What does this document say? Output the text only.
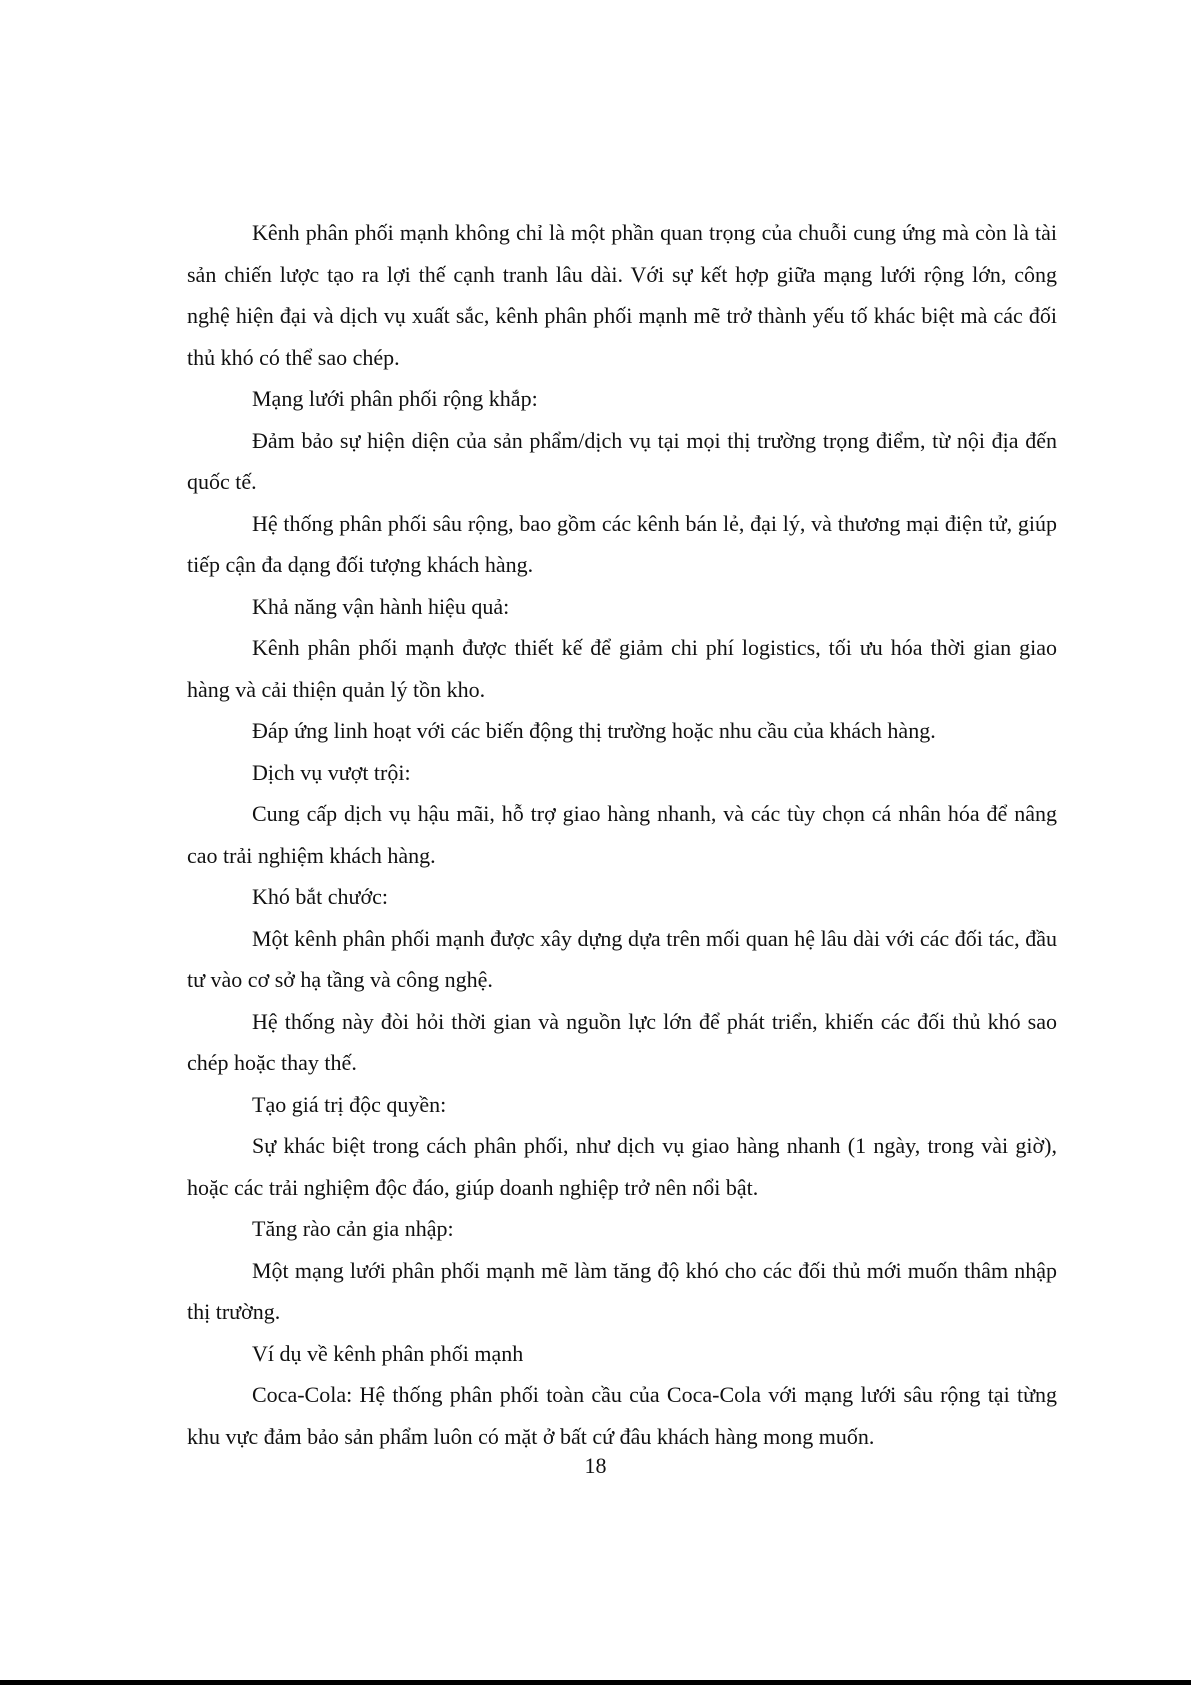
Kênh phân phối mạnh không chỉ là một phần quan trọng của chuỗi cung ứng mà còn là tài sản chiến lược tạo ra lợi thế cạnh tranh lâu dài. Với sự kết hợp giữa mạng lưới rộng lớn, công nghệ hiện đại và dịch vụ xuất sắc, kênh phân phối mạnh mẽ trở thành yếu tố khác biệt mà các đối thủ khó có thể sao chép.

Mạng lưới phân phối rộng khắp:

Đảm bảo sự hiện diện của sản phẩm/dịch vụ tại mọi thị trường trọng điểm, từ nội địa đến quốc tế.

Hệ thống phân phối sâu rộng, bao gồm các kênh bán lẻ, đại lý, và thương mại điện tử, giúp tiếp cận đa dạng đối tượng khách hàng.

Khả năng vận hành hiệu quả:

Kênh phân phối mạnh được thiết kế để giảm chi phí logistics, tối ưu hóa thời gian giao hàng và cải thiện quản lý tồn kho.

Đáp ứng linh hoạt với các biến động thị trường hoặc nhu cầu của khách hàng.

Dịch vụ vượt trội:

Cung cấp dịch vụ hậu mãi, hỗ trợ giao hàng nhanh, và các tùy chọn cá nhân hóa để nâng cao trải nghiệm khách hàng.

Khó bắt chước:

Một kênh phân phối mạnh được xây dựng dựa trên mối quan hệ lâu dài với các đối tác, đầu tư vào cơ sở hạ tầng và công nghệ.

Hệ thống này đòi hỏi thời gian và nguồn lực lớn để phát triển, khiến các đối thủ khó sao chép hoặc thay thế.

Tạo giá trị độc quyền:

Sự khác biệt trong cách phân phối, như dịch vụ giao hàng nhanh (1 ngày, trong vài giờ), hoặc các trải nghiệm độc đáo, giúp doanh nghiệp trở nên nổi bật.

Tăng rào cản gia nhập:

Một mạng lưới phân phối mạnh mẽ làm tăng độ khó cho các đối thủ mới muốn thâm nhập thị trường.

Ví dụ về kênh phân phối mạnh

Coca-Cola: Hệ thống phân phối toàn cầu của Coca-Cola với mạng lưới sâu rộng tại từng khu vực đảm bảo sản phẩm luôn có mặt ở bất cứ đâu khách hàng mong muốn.

18
